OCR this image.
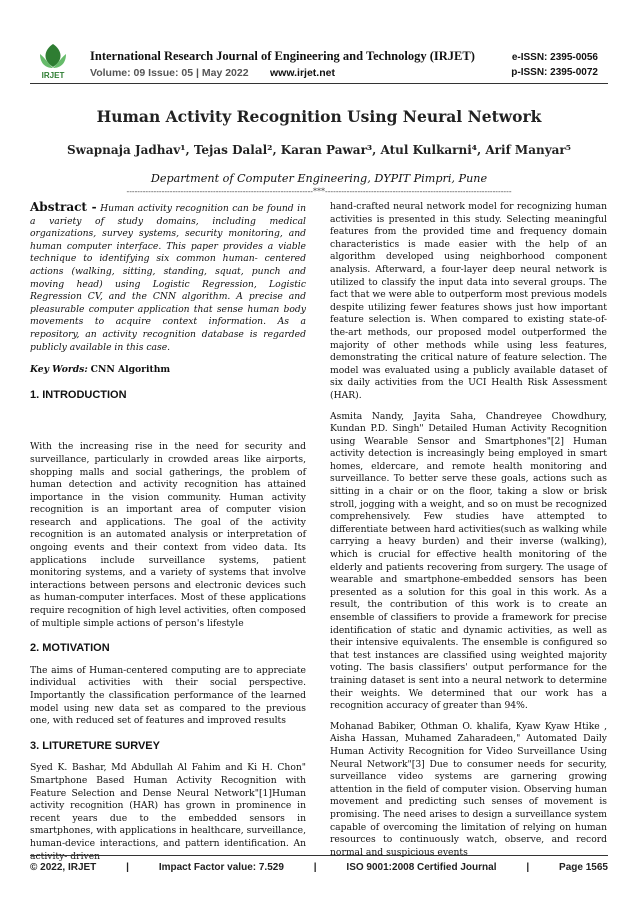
IRJET
International Research Journal of Engineering and Technology (IRJET)	e-ISSN: 2395-0056
Volume: 09 Issue: 05 | May 2022 www.irjet.net	p-ISSN: 2395-0072
Human Activity Recognition Using Neural Network
Swapnaja Jadhav¹, Tejas Dalal², Karan Pawar³, Atul Kulkarni⁴, Arif Manyar⁵
Department of Computer Engineering, DYPIT Pimpri, Pune
---------------------------------------------------------------------***---------------------------------------------------------------------

Abstract - Human activity recognition can be found in a variety of study domains, including medical organizations, survey systems, security monitoring, and human computer interface. This paper provides a viable technique to identifying six common human- centered actions (walking, sitting, standing, squat, punch and moving head) using Logistic Regression, Logistic Regression CV, and the CNN algorithm. A precise and pleasurable computer application that sense human body movements to acquire context information. As a repository, an activity recognition database is regarded publicly available in this case.

Key Words: CNN Algorithm

1. INTRODUCTION

With the increasing rise in the need for security and surveillance, particularly in crowded areas like airports, shopping malls and social gatherings, the problem of human detection and activity recognition has attained importance in the vision community. Human activity recognition is an important area of computer vision research and applications. The goal of the activity recognition is an automated analysis or interpretation of ongoing events and their context from video data. Its applications include surveillance systems, patient monitoring systems, and a variety of systems that involve interactions between persons and electronic devices such as human-computer interfaces. Most of these applications require recognition of high level activities, often composed of multiple simple actions of person's lifestyle

2. MOTIVATION

The aims of Human-centered computing are to appreciate individual activities with their social perspective. Importantly the classification performance of the learned model using new data set as compared to the previous one, with reduced set of features and improved results

3. LITURETURE SURVEY

Syed K. Bashar, Md Abdullah Al Fahim and Ki H. Chon" Smartphone Based Human Activity Recognition with Feature Selection and Dense Neural Network"[1]Human activity recognition (HAR) has grown in prominence in recent years due to the embedded sensors in smartphones, with applications in healthcare, surveillance, human-device interactions, and pattern identification. An activity- driven

hand-crafted neural network model for recognizing human activities is presented in this study. Selecting meaningful features from the provided time and frequency domain characteristics is made easier with the help of an algorithm developed using neighborhood component analysis. Afterward, a four-layer deep neural network is utilized to classify the input data into several groups. The fact that we were able to outperform most previous models despite utilizing fewer features shows just how important feature selection is. When compared to existing state-of-the-art methods, our proposed model outperformed the majority of other methods while using less features, demonstrating the critical nature of feature selection. The model was evaluated using a publicly available dataset of six daily activities from the UCI Health Risk Assessment (HAR).

Asmita Nandy, Jayita Saha, Chandreyee Chowdhury, Kundan P.D. Singh" Detailed Human Activity Recognition using Wearable Sensor and Smartphones"[2] Human activity detection is increasingly being employed in smart homes, eldercare, and remote health monitoring and surveillance. To better serve these goals, actions such as sitting in a chair or on the floor, taking a slow or brisk stroll, jogging with a weight, and so on must be recognized comprehensively. Few studies have attempted to differentiate between hard activities(such as walking while carrying a heavy burden) and their inverse (walking), which is crucial for effective health monitoring of the elderly and patients recovering from surgery. The usage of wearable and smartphone-embedded sensors has been presented as a solution for this goal in this work. As a result, the contribution of this work is to create an ensemble of classifiers to provide a framework for precise identification of static and dynamic activities, as well as their intensive equivalents. The ensemble is configured so that test instances are classified using weighted majority voting. The basis classifiers' output performance for the training dataset is sent into a neural network to determine their weights. We determined that our work has a recognition accuracy of greater than 94%.

Mohanad Babiker, Othman O. khalifa, Kyaw Kyaw Htike , Aisha Hassan, Muhamed Zaharadeen," Automated Daily Human Activity Recognition for Video Surveillance Using Neural Network"[3] Due to consumer needs for security, surveillance video systems are garnering growing attention in the field of computer vision. Observing human movement and predicting such senses of movement is promising. The need arises to design a surveillance system capable of overcoming the limitation of relying on human resources to continuously watch, observe, and record normal and suspicious events

© 2022, IRJET	|	Impact Factor value: 7.529	|	ISO 9001:2008 Certified Journal	|	Page 1565
